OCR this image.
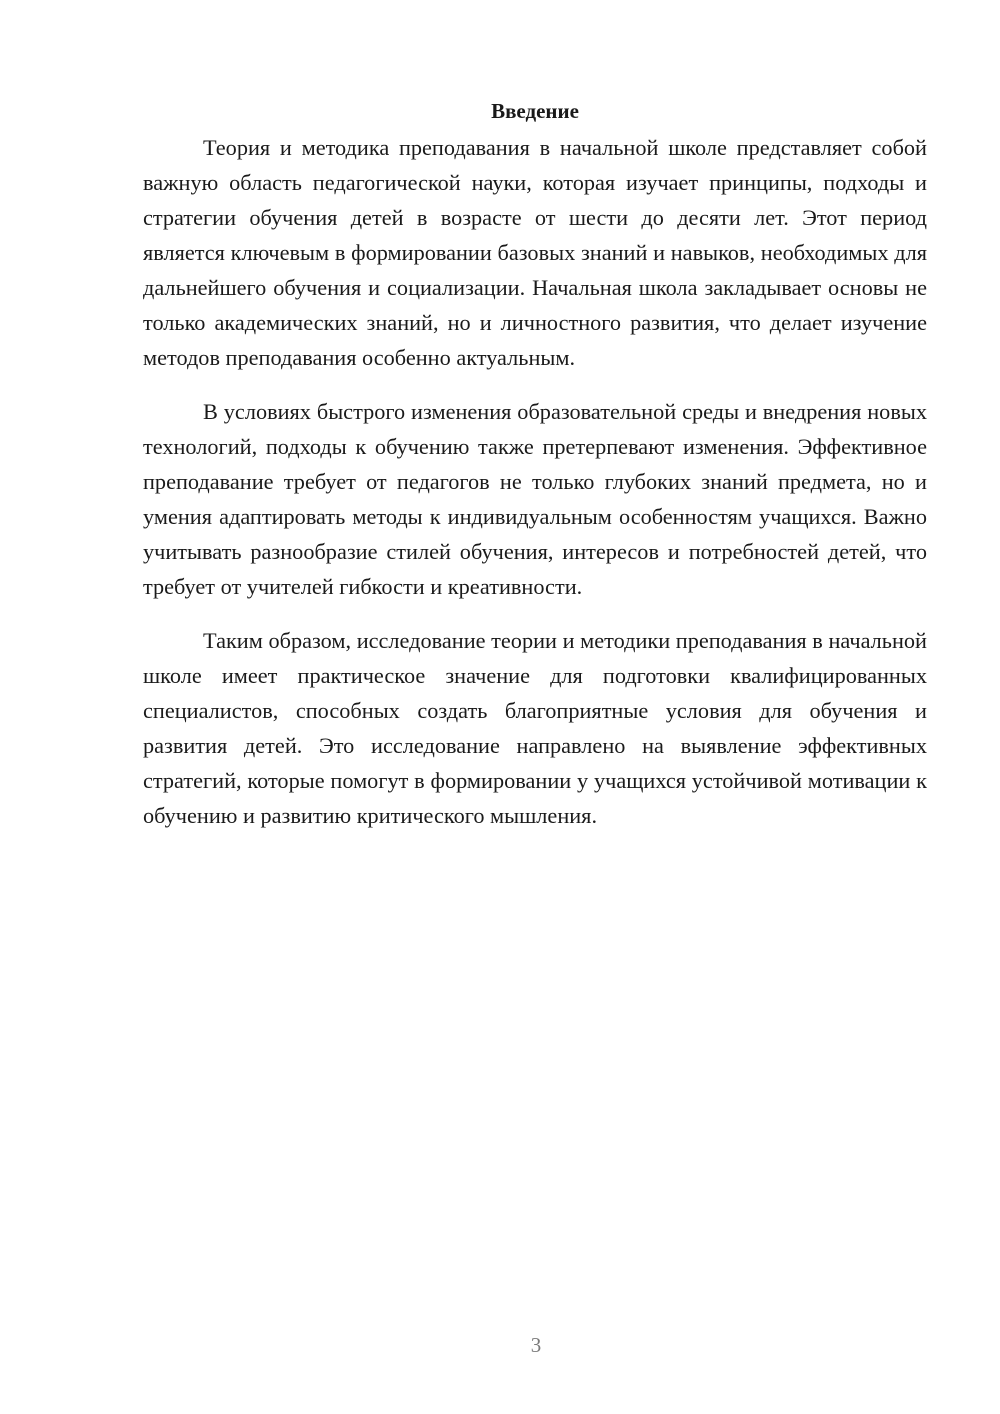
Введение

Теория и методика преподавания в начальной школе представляет собой важную область педагогической науки, которая изучает принципы, подходы и стратегии обучения детей в возрасте от шести до десяти лет. Этот период является ключевым в формировании базовых знаний и навыков, необходимых для дальнейшего обучения и социализации. Начальная школа закладывает основы не только академических знаний, но и личностного развития, что делает изучение методов преподавания особенно актуальным.

В условиях быстрого изменения образовательной среды и внедрения новых технологий, подходы к обучению также претерпевают изменения. Эффективное преподавание требует от педагогов не только глубоких знаний предмета, но и умения адаптировать методы к индивидуальным особенностям учащихся. Важно учитывать разнообразие стилей обучения, интересов и потребностей детей, что требует от учителей гибкости и креативности.

Таким образом, исследование теории и методики преподавания в начальной школе имеет практическое значение для подготовки квалифицированных специалистов, способных создать благоприятные условия для обучения и развития детей. Это исследование направлено на выявление эффективных стратегий, которые помогут в формировании у учащихся устойчивой мотивации к обучению и развитию критического мышления.

3
